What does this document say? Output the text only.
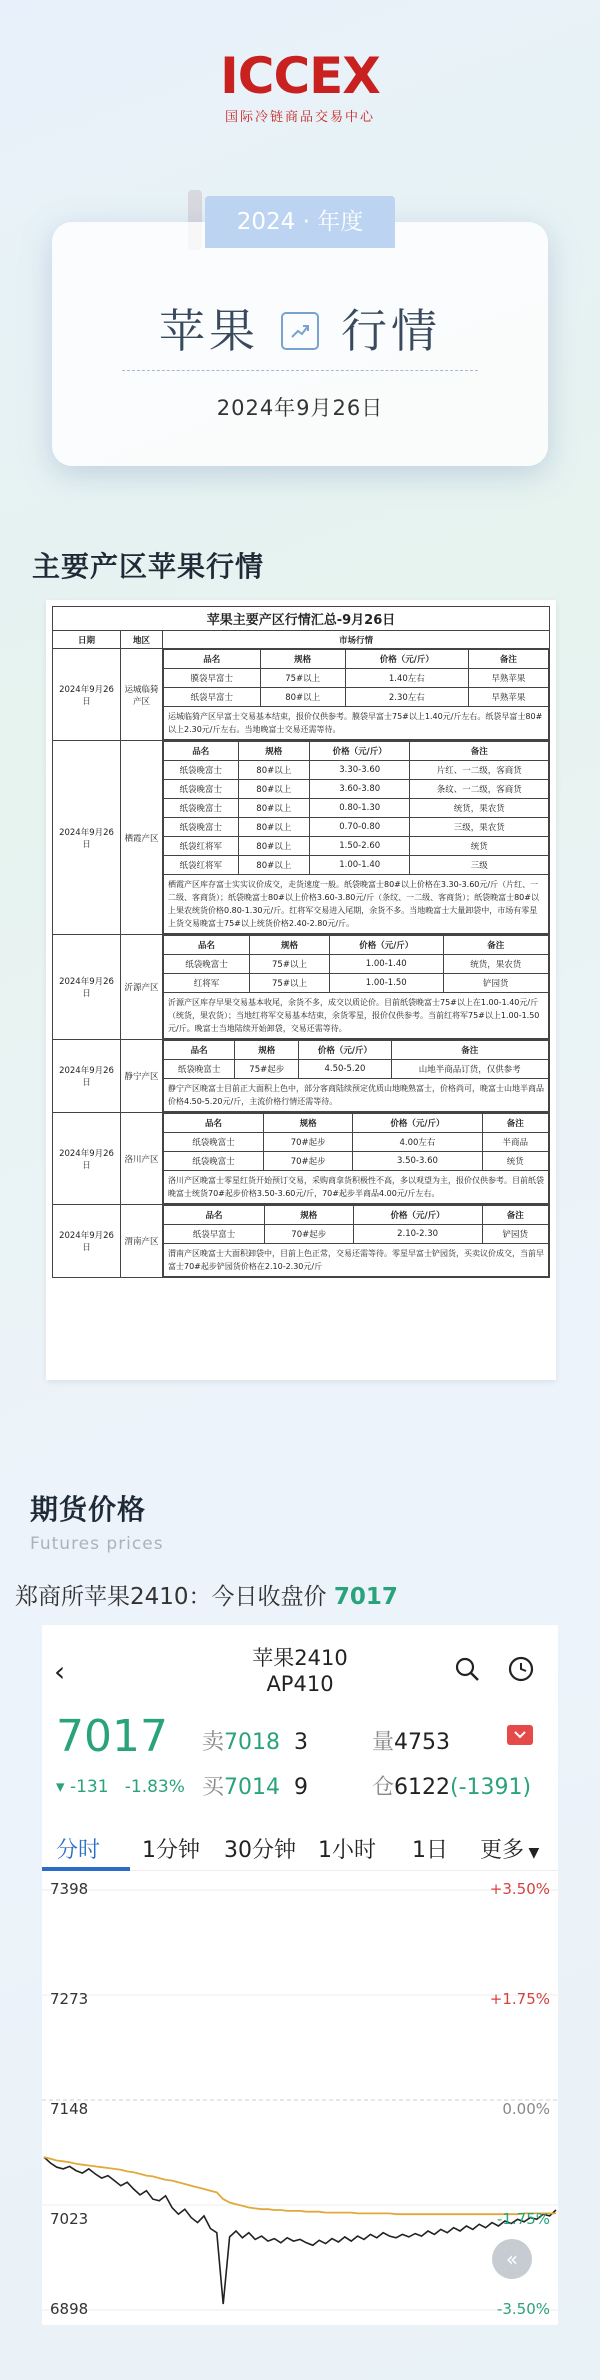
ICCEX
国际冷链商品交易中心
2024 · 年度
苹果 行情
2024年9月26日
主要产区苹果行情
苹果主要产区行情汇总-9月26日
日期	地区	市场行情
2024年9月26日	运城临猗产区	
品名	规格	价格（元/斤）	备注
膜袋早富士	75#以上	1.40左右	早熟苹果
纸袋早富士	80#以上	2.30左右	早熟苹果
运城临猗产区早富士交易基本结束，报价仅供参考。膜袋早富士75#以上1.40元/斤左右。纸袋早富士80#以上2.30元/斤左右。当地晚富士交易还需等待。

2024年9月26日	栖霞产区	
品名	规格	价格（元/斤）	备注
纸袋晚富士	80#以上	3.30-3.60	片红、一二级，客商货
纸袋晚富士	80#以上	3.60-3.80	条纹、一二级，客商货
纸袋晚富士	80#以上	0.80-1.30	统货，果农货
纸袋晚富士	80#以上	0.70-0.80	三级，果农货
纸袋红将军	80#以上	1.50-2.60	统货
纸袋红将军	80#以上	1.00-1.40	三级
栖霞产区库存富士实实议价成交，走货速度一般。纸袋晚富士80#以上价格在3.30-3.60元/斤（片红、一二级、客商货）；纸袋晚富士80#以上价格3.60-3.80元/斤（条纹、一二级、客商货）；纸袋晚富士80#以上果农统货价格0.80-1.30元/斤。红将军交易进入尾期，余货不多。当地晚富士大量卸袋中，市场有零星上货交易晚富士75#以上统货价格2.40-2.80元/斤。

2024年9月26日	沂源产区	
品名	规格	价格（元/斤）	备注
纸袋晚富士	75#以上	1.00-1.40	统货，果农货
红将军	75#以上	1.00-1.50	铲园货
沂源产区库存早果交易基本收尾，余货不多，成交以质论价。目前纸袋晚富士75#以上在1.00-1.40元/斤（统货，果农货）；当地红将军交易基本结束，余货零星，报价仅供参考。当前红将军75#以上1.00-1.50元/斤。晚富士当地陆续开始卸袋，交易还需等待。

2024年9月26日	静宁产区	
品名	规格	价格（元/斤）	备注
纸袋晚富士	75#起步	4.50-5.20	山地半商品订货，仅供参考
静宁产区晚富士目前正大面积上色中，部分客商陆续预定优质山地晚熟富士，价格尚可，晚富士山地半商品价格4.50-5.20元/斤，主流价格行情还需等待。

2024年9月26日	洛川产区	
品名	规格	价格（元/斤）	备注
纸袋晚富士	70#起步	4.00左右	半商品
纸袋晚富士	70#起步	3.50-3.60	统货
洛川产区晚富士零星红货开始预订交易，采购商拿货积极性不高，多以观望为主，报价仅供参考。目前纸袋晚富士统货70#起步价格3.50-3.60元/斤，70#起步半商品4.00元/斤左右。

2024年9月26日	渭南产区	
品名	规格	价格（元/斤）	备注
纸袋早富士	70#起步	2.10-2.30	铲园货
渭南产区晚富士大面积卸袋中，目前上色正常，交易还需等待。零星早富士铲园货，买卖议价成交，当前早富士70#起步铲园货价格在2.10-2.30元/斤

期货价格
Futures prices
郑商所苹果2410：今日收盘价 7017
‹	苹果2410
AP410
7017
▾ -131 -1.83%
卖7018 3
买7014 9
量4753
仓6122(-1391)
分时 1分钟 30分钟 1小时 1日 更多 ▼
7398
7273
7148
7023
6898
+3.50%
+1.75%
0.00%
-1.75%
-3.50%
«
